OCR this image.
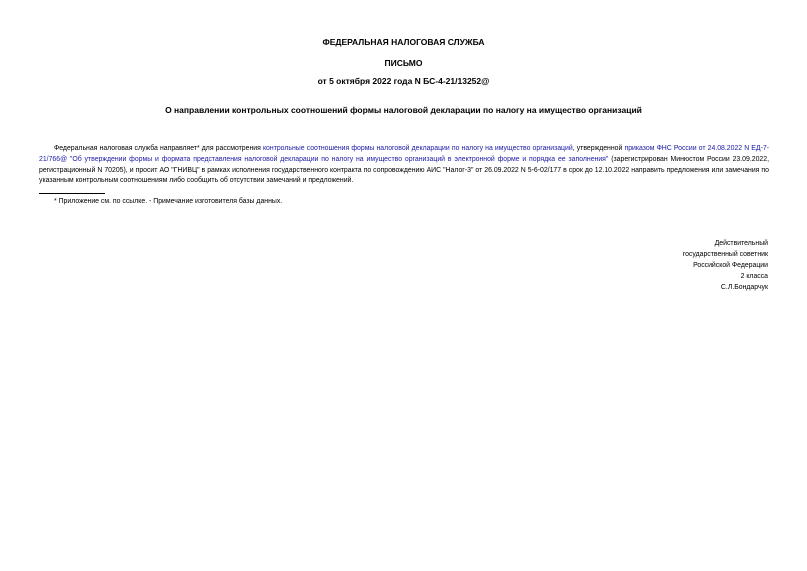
ФЕДЕРАЛЬНАЯ НАЛОГОВАЯ СЛУЖБА
ПИСЬМО
от 5 октября 2022 года N БС-4-21/13252@
О направлении контрольных соотношений формы налоговой декларации по налогу на имущество организаций
Федеральная налоговая служба направляет* для рассмотрения контрольные соотношения формы налоговой декларации по налогу на имущество организаций, утвержденной приказом ФНС России от 24.08.2022 N ЕД-7-21/766@ "Об утверждении формы и формата представления налоговой декларации по налогу на имущество организаций в электронной форме и порядка ее заполнения" (зарегистрирован Минюстом России 23.09.2022, регистрационный N 70205), и просит АО "ГНИВЦ" в рамках исполнения государственного контракта по сопровождению АИС "Налог-3" от 26.09.2022 N 5-6-02/177 в срок до 12.10.2022 направить предложения или замечания по указанным контрольным соотношениям либо сообщить об отсутствии замечаний и предложений.
* Приложение см. по ссылке. - Примечание изготовителя базы данных.
Действительный
государственный советник
Российской Федерации
2 класса
С.Л.Бондарчук
